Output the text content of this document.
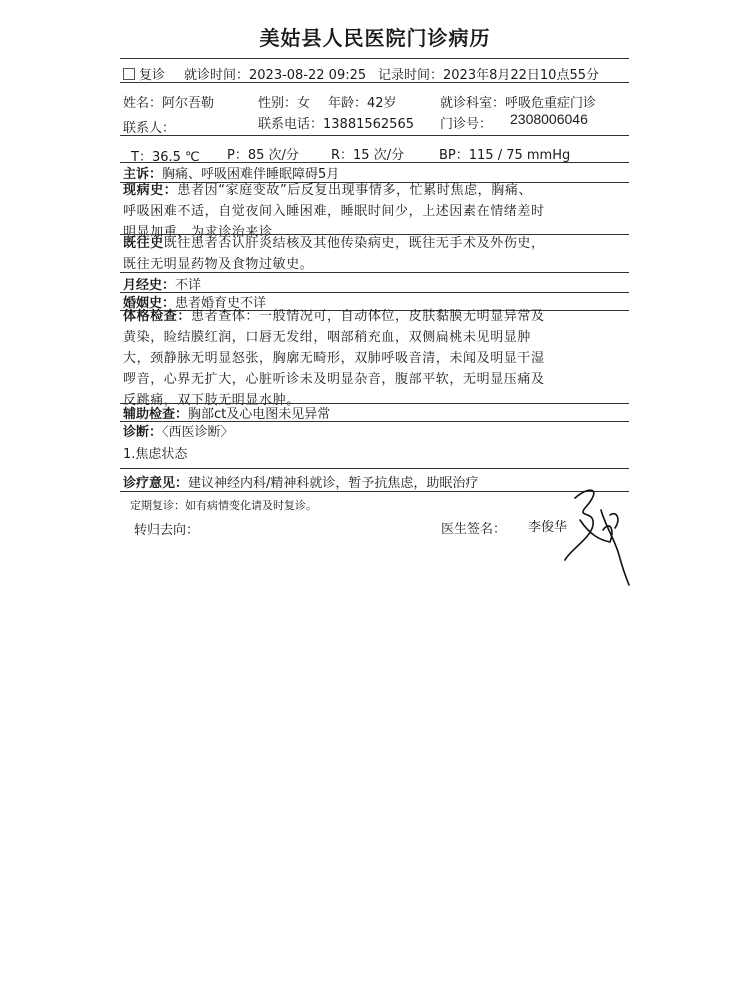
美姑县人民医院门诊病历
复诊 就诊时间：2023-08-22 09:25 记录时间：2023年8月22日10点55分
姓名：阿尔吾勒	性别：女 年龄：42岁	就诊科室：呼吸危重症门诊
联系人：	联系电话：13881562565 门诊号： 2308006046
T：36.5 ℃ P：85 次/分 R：15 次/分	BP：115 / 75 mmHg
主诉：胸痛、呼吸困难伴睡眠障碍5月
现病史：患者因“家庭变故”后反复出现事情多，忙累时焦虑，胸痛、
呼吸困难不适，自觉夜间入睡困难，睡眠时间少，上述因素在情绪差时
明显加重，为求诊治来诊
既往史既往患者否认肝炎结核及其他传染病史，既往无手术及外伤史，
既往无明显药物及食物过敏史。
月经史：不详
婚姻史：患者婚育史不详
体格检查：患者查体：一般情况可，自动体位，皮肤黏膜无明显异常及
黄染，睑结膜红润，口唇无发绀，咽部稍充血，双侧扁桃未见明显肿
大，颈静脉无明显怒张，胸廓无畸形，双肺呼吸音清，未闻及明显干湿
啰音，心界无扩大，心脏听诊未及明显杂音，腹部平软，无明显压痛及
反跳痛，双下肢无明显水肿。
辅助检查：胸部ct及心电图未见异常
诊断：〈西医诊断〉
1.焦虑状态
诊疗意见：建议神经内科/精神科就诊，暂予抗焦虑，助眠治疗
定期复诊：如有病情变化请及时复诊。
转归去向：	医生签名： 李俊华
